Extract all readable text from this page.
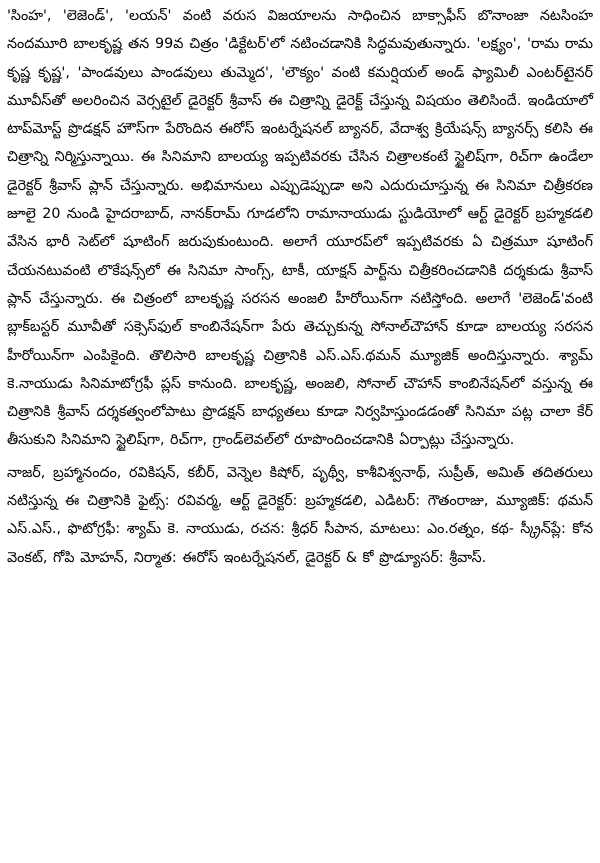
'సింహ', 'లెజెండ్', 'లయన్' వంటి వరుస విజయాలను సాధించిన బాక్సాఫీస్ బొనాంజా నటసింహ నందమూరి బాలకృష్ణ తన 99వ చిత్రం 'డిక్టేటర్‌'లో నటించడానికి సిద్ధమవుతున్నారు. 'లక్ష్యం', 'రామ రామ కృష్ణ కృష్ణ', 'పాండవులు పాండవులు తుమ్మెద', 'లౌక్యం' వంటి కమర్షియల్ అండ్ ఫ్యామిలీ ఎంటర్‌టైనర్ మూవీస్‌తో అలరించిన వెర్సటైల్ డైరెక్టర్ శ్రీవాస్ ఈ చిత్రాన్ని డైరెక్ట్ చేస్తున్న విషయం తెలిసిందే. ఇండియాలో టాప్‌మోస్ట్ ప్రొడక్షన్ హౌస్‌గా పేరొందిన ఈరోస్ ఇంటర్నేషనల్ బ్యానర్, వేదాశ్వ క్రియేషన్స్ బ్యానర్స్ కలిసి ఈ చిత్రాన్ని నిర్మిస్తున్నాయి. ఈ సినిమాని బాలయ్య ఇప్పటివరకు చేసిన చిత్రాలకంటే స్టైలిష్‌గా, రిచ్‌గా ఉండేలా డైరెక్టర్ శ్రీవాస్ ప్లాన్ చేస్తున్నారు. అభిమానులు ఎప్పుడెప్పుడా అని ఎదురుచూస్తున్న ఈ సినిమా చిత్రీకరణ జూలై 20 నుండి హైదరాబాద్, నానక్‌రామ్ గూడలోని రామానాయుడు స్టుడియోలో ఆర్ట్ డైరెక్టర్ బ్రహ్మకడలి వేసిన భారీ సెట్‌లో షూటింగ్ జరుపుకుంటుంది. అలాగే యూరప్‌లో ఇప్పటివరకు ఏ చిత్రమూ షూటింగ్ చేయనటువంటి లొకేషన్స్‌లో ఈ సినిమా సాంగ్స్, టాకీ, యాక్షన్ పార్ట్‌ను చిత్రీకరించడానికి దర్శకుడు శ్రీవాస్ ప్లాన్ చేస్తున్నారు. ఈ చిత్రంలో బాలకృష్ణ సరసన అంజలి హీరోయిన్‌గా నటిస్తోంది. అలాగే 'లెజెండ్'వంటి బ్లాక్‌బస్టర్ మూవీతో సక్సెస్‌ఫుల్ కాంబినేషన్‌గా పేరు తెచ్చుకున్న సోనాల్‌చౌహాన్ కూడా బాలయ్య సరసన హీరోయిన్‌గా ఎంపికైంది. తొలిసారి బాలకృష్ణ చిత్రానికి ఎస్.ఎస్.థమన్ మ్యూజిక్ అందిస్తున్నారు. శ్యామ్ కె.నాయుడు సినిమాటోగ్రఫీ ప్లస్ కానుంది. బాలకృష్ణ, అంజలి, సోనాల్ చౌహాన్ కాంబినేషన్‌లో వస్తున్న ఈ చిత్రానికి శ్రీవాస్ దర్శకత్వంలోపాటు ప్రొడక్షన్ బాధ్యతలు కూడా నిర్వహిస్తుండడంతో సినిమా పట్ల చాలా కేర్ తీసుకుని సినిమాని స్టైలిష్‌గా, రిచ్‌గా, గ్రాండ్‌లెవల్‌లో రూపొందించడానికి ఏర్పాట్లు చేస్తున్నారు.

నాజర్, బ్రహ్మానందం, రవికిషన్, కబీర్, వెన్నెల కిషోర్, పృథ్వీ, కాశీవిశ్వనాథ్, సుప్రీత్, అమిత్ తదితరులు నటిస్తున్న ఈ చిత్రానికి ఫైట్స్: రవివర్మ, ఆర్ట్ డైరెక్టర్: బ్రహ్మకడలి, ఎడిటర్: గౌతంరాజు, మ్యూజిక్: థమన్ ఎస్.ఎస్., ఫొటోగ్రఫీ: శ్యామ్ కె. నాయుడు, రచన: శ్రీధర్ సీపాన, మాటలు: ఎం.రత్నం, కథ- స్క్రీన్‌ప్లే: కోన వెంకట్, గోపి మోహన్, నిర్మాత: ఈరోస్ ఇంటర్నేషనల్, డైరెక్టర్ & కో ప్రొడ్యూసర్: శ్రీవాస్.
